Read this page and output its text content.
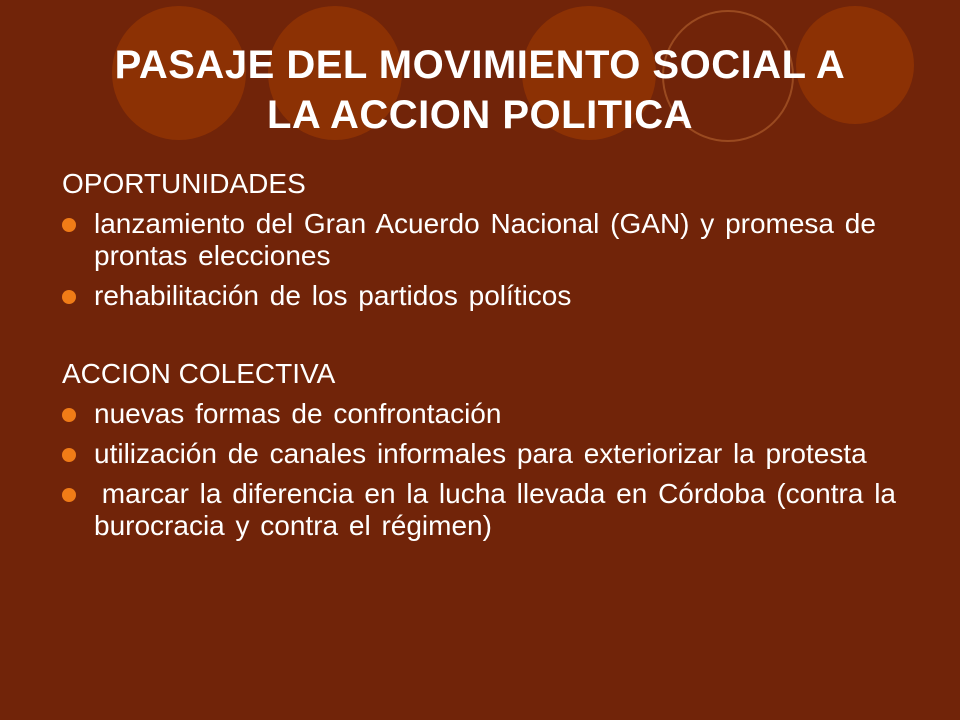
PASAJE DEL MOVIMIENTO SOCIAL A
LA ACCION POLITICA
OPORTUNIDADES
lanzamiento del Gran Acuerdo Nacional (GAN) y promesa de prontas elecciones
rehabilitación de los partidos políticos
ACCION COLECTIVA
nuevas formas de confrontación
utilización de canales informales para exteriorizar la protesta
marcar la diferencia en la lucha llevada en Córdoba (contra la burocracia y contra el régimen)
